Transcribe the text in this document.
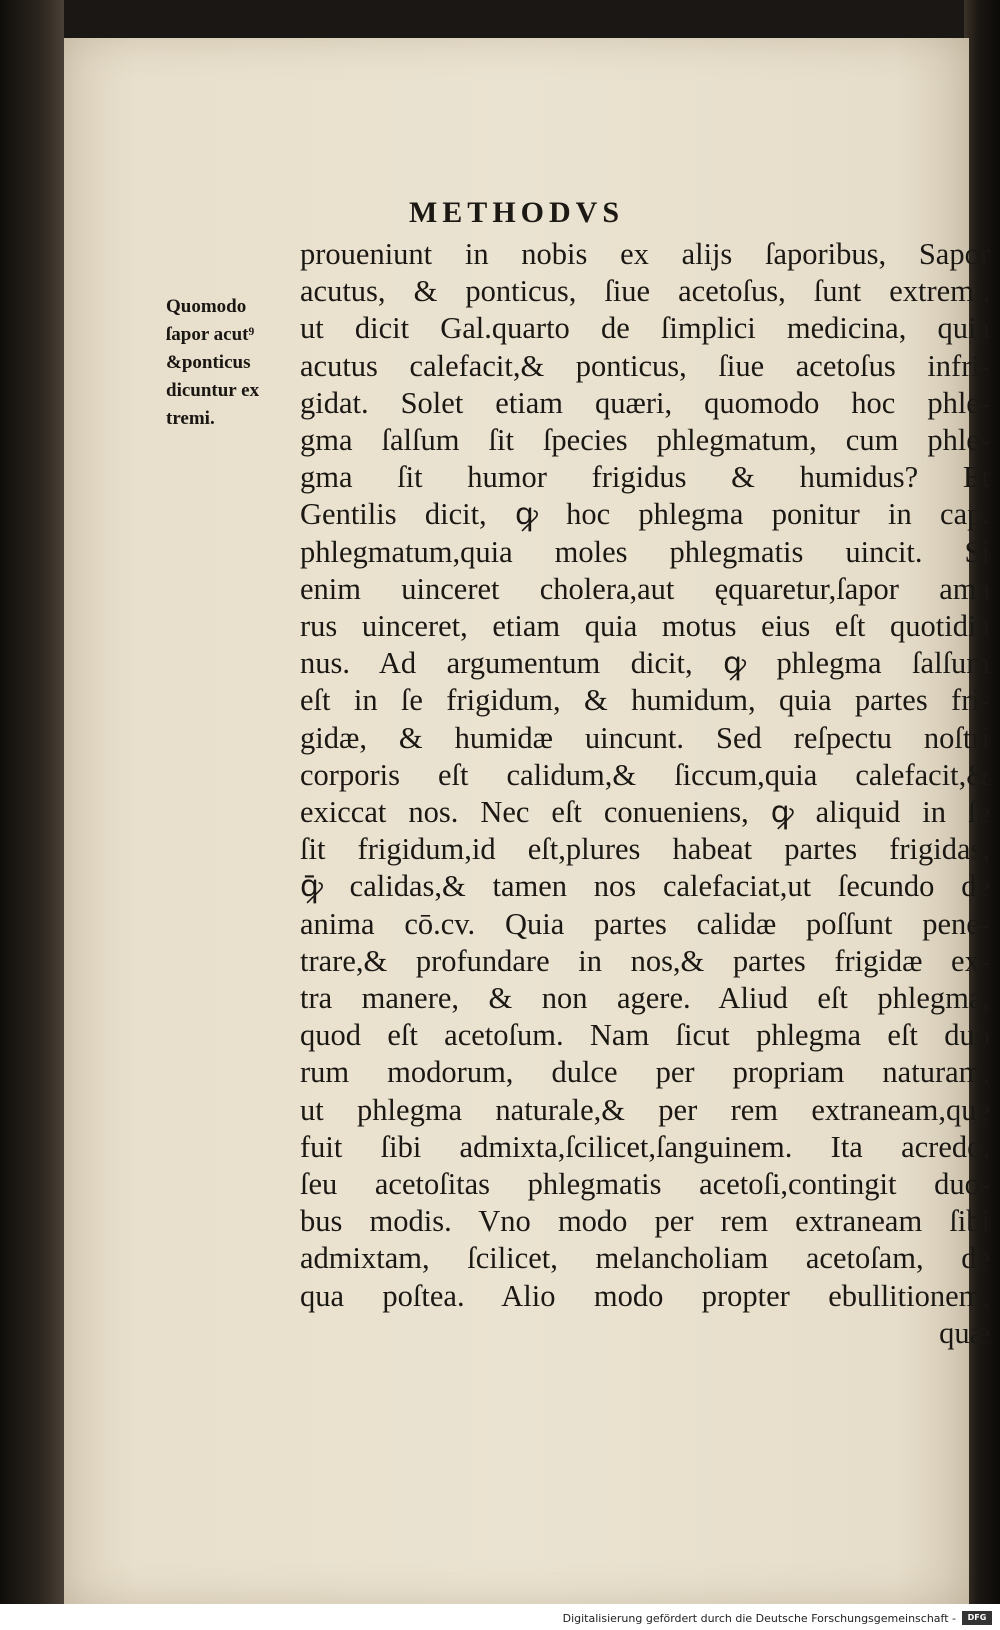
METHODVS
Quomodo
ſapor acut⁹
&ponticus
dicuntur ex
tremi.
proueniunt in nobis ex alĳs ſaporibus, Sapor
acutus, & ponticus, ſiue acetoſus, ſunt extremi,
ut dicit Gal.quarto de ſimplici medicina, quia
acutus calefacit,& ponticus, ſiue acetoſus infri-
gidat. Solet etiam quæri, quomodo hoc phle-
gma ſalſum ſit ſpecies phlegmatum, cum phle-
gma ſit humor frigidus & humidus? Et
Gentilis dicit, ꝙ hoc phlegma ponitur in cap.
phlegmatum,quia moles phlegmatis uincit. Si
enim uinceret cholera,aut ęquaretur,ſapor ama
rus uinceret, etiam quia motus eius eſt quotidia
nus. Ad argumentum dicit, ꝙ phlegma ſalſum
eſt in ſe frigidum, & humidum, quia partes fri-
gidæ, & humidæ uincunt. Sed reſpectu noſtri
corporis eſt calidum,& ſiccum,quia calefacit,&
exiccat nos. Nec eſt conueniens, ꝙ aliquid in ſe
ſit frigidum,id eſt,plures habeat partes frigidas,
ꝙ̄ calidas,& tamen nos calefaciat,ut ſecundo de
anima cō.cv. Quia partes calidæ poſſunt pene-
trare,& profundare in nos,& partes frigidæ ex-
tra manere, & non agere. Aliud eſt phlegma,
quod eſt acetoſum. Nam ſicut phlegma eſt duo
rum modorum, dulce per propriam naturam,
ut phlegma naturale,& per rem extraneam,quę
fuit ſibi admixta,ſcilicet,ſanguinem. Ita acredo,
ſeu acetoſitas phlegmatis acetoſi,contingit duo-
bus modis. Vno modo per rem extraneam ſibi
admixtam, ſcilicet, melancholiam acetoſam, de
qua poſtea. Alio modo propter ebullitionem,
quæ
Digitalisierung gefördert durch die Deutsche Forschungsgemeinschaft -	DFG
